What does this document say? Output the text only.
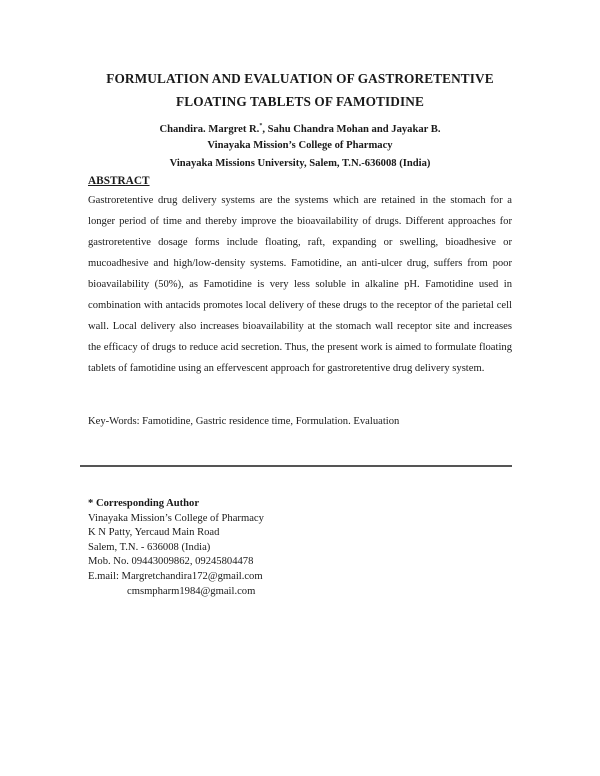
FORMULATION AND EVALUATION OF GASTRORETENTIVE
FLOATING TABLETS OF FAMOTIDINE
Chandira. Margret R.*, Sahu Chandra Mohan and Jayakar B.
Vinayaka Mission’s College of Pharmacy
Vinayaka Missions University, Salem, T.N.-636008 (India)
ABSTRACT
Gastroretentive drug delivery systems are the systems which are retained in the stomach for a longer period of time and thereby improve the bioavailability of drugs. Different approaches for gastroretentive dosage forms include floating, raft, expanding or swelling, bioadhesive or mucoadhesive and high/low-density systems. Famotidine, an anti-ulcer drug, suffers from poor bioavailability (50%), as Famotidine is very less soluble in alkaline pH. Famotidine used in combination with antacids promotes local delivery of these drugs to the receptor of the parietal cell wall. Local delivery also increases bioavailability at the stomach wall receptor site and increases the efficacy of drugs to reduce acid secretion. Thus, the present work is aimed to formulate floating tablets of famotidine using an effervescent approach for gastroretentive drug delivery system.
Key-Words: Famotidine, Gastric residence time, Formulation. Evaluation
* Corresponding Author
Vinayaka Mission’s College of Pharmacy
K N Patty, Yercaud Main Road
Salem, T.N. - 636008 (India)
Mob. No. 09443009862, 09245804478
E.mail: Margretchandira172@gmail.com
cmsmpharm1984@gmail.com
